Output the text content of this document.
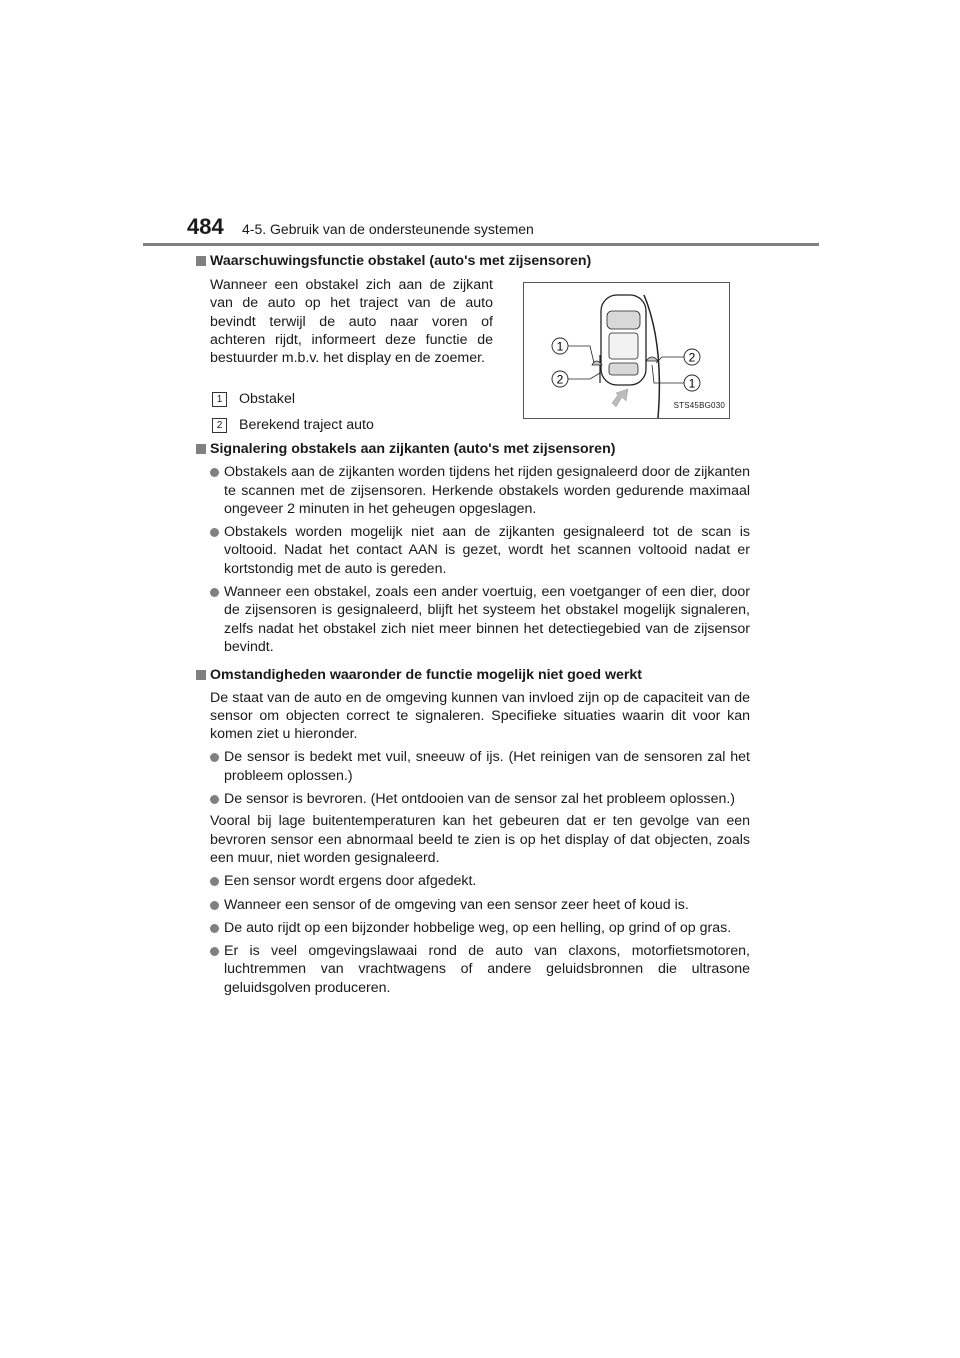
484 4-5. Gebruik van de ondersteunende systemen
Waarschuwingsfunctie obstakel (auto's met zijsensoren)

Wanneer een obstakel zich aan de zijkant van de auto op het traject van de auto bevindt terwijl de auto naar voren of achteren rijdt, informeert deze functie de bestuurder m.b.v. het display en de zoemer.

1	Obstakel
2	Berekend traject auto
1
2
2
1
STS45BG030
Signalering obstakels aan zijkanten (auto's met zijsensoren)
Obstakels aan de zijkanten worden tijdens het rijden gesignaleerd door de zijkanten te scannen met de zijsensoren. Herkende obstakels worden gedurende maximaal ongeveer 2 minuten in het geheugen opgeslagen.
Obstakels worden mogelijk niet aan de zijkanten gesignaleerd tot de scan is voltooid. Nadat het contact AAN is gezet, wordt het scannen voltooid nadat er kortstondig met de auto is gereden.
Wanneer een obstakel, zoals een ander voertuig, een voetganger of een dier, door de zijsensoren is gesignaleerd, blijft het systeem het obstakel mogelijk signaleren, zelfs nadat het obstakel zich niet meer binnen het detectiegebied van de zijsensor bevindt.
Omstandigheden waaronder de functie mogelijk niet goed werkt

De staat van de auto en de omgeving kunnen van invloed zijn op de capaciteit van de sensor om objecten correct te signaleren. Specifieke situaties waarin dit voor kan komen ziet u hieronder.

De sensor is bedekt met vuil, sneeuw of ijs. (Het reinigen van de sensoren zal het probleem oplossen.)
De sensor is bevroren. (Het ontdooien van de sensor zal het probleem oplossen.)

Vooral bij lage buitentemperaturen kan het gebeuren dat er ten gevolge van een bevroren sensor een abnormaal beeld te zien is op het display of dat objecten, zoals een muur, niet worden gesignaleerd.

Een sensor wordt ergens door afgedekt.
Wanneer een sensor of de omgeving van een sensor zeer heet of koud is.
De auto rijdt op een bijzonder hobbelige weg, op een helling, op grind of op gras.
Er is veel omgevingslawaai rond de auto van claxons, motorfietsmotoren, luchtremmen van vrachtwagens of andere geluidsbronnen die ultrasone geluidsgolven produceren.
